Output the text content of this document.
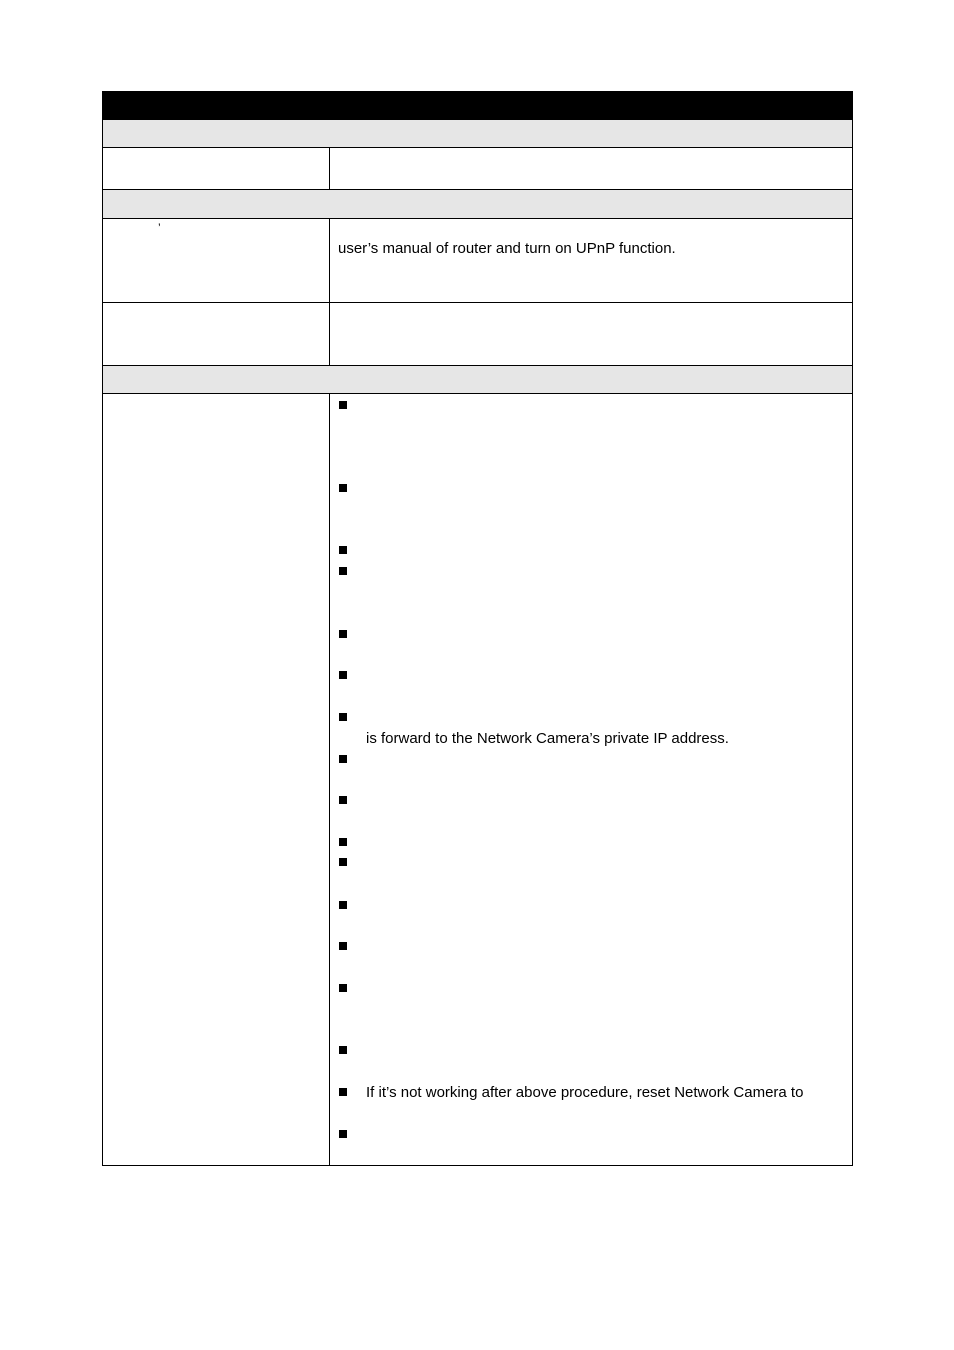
’
user’s manual of router and turn on UPnP function.
is forward to the Network Camera’s private IP address.
If it’s not working after above procedure, reset Network Camera to
